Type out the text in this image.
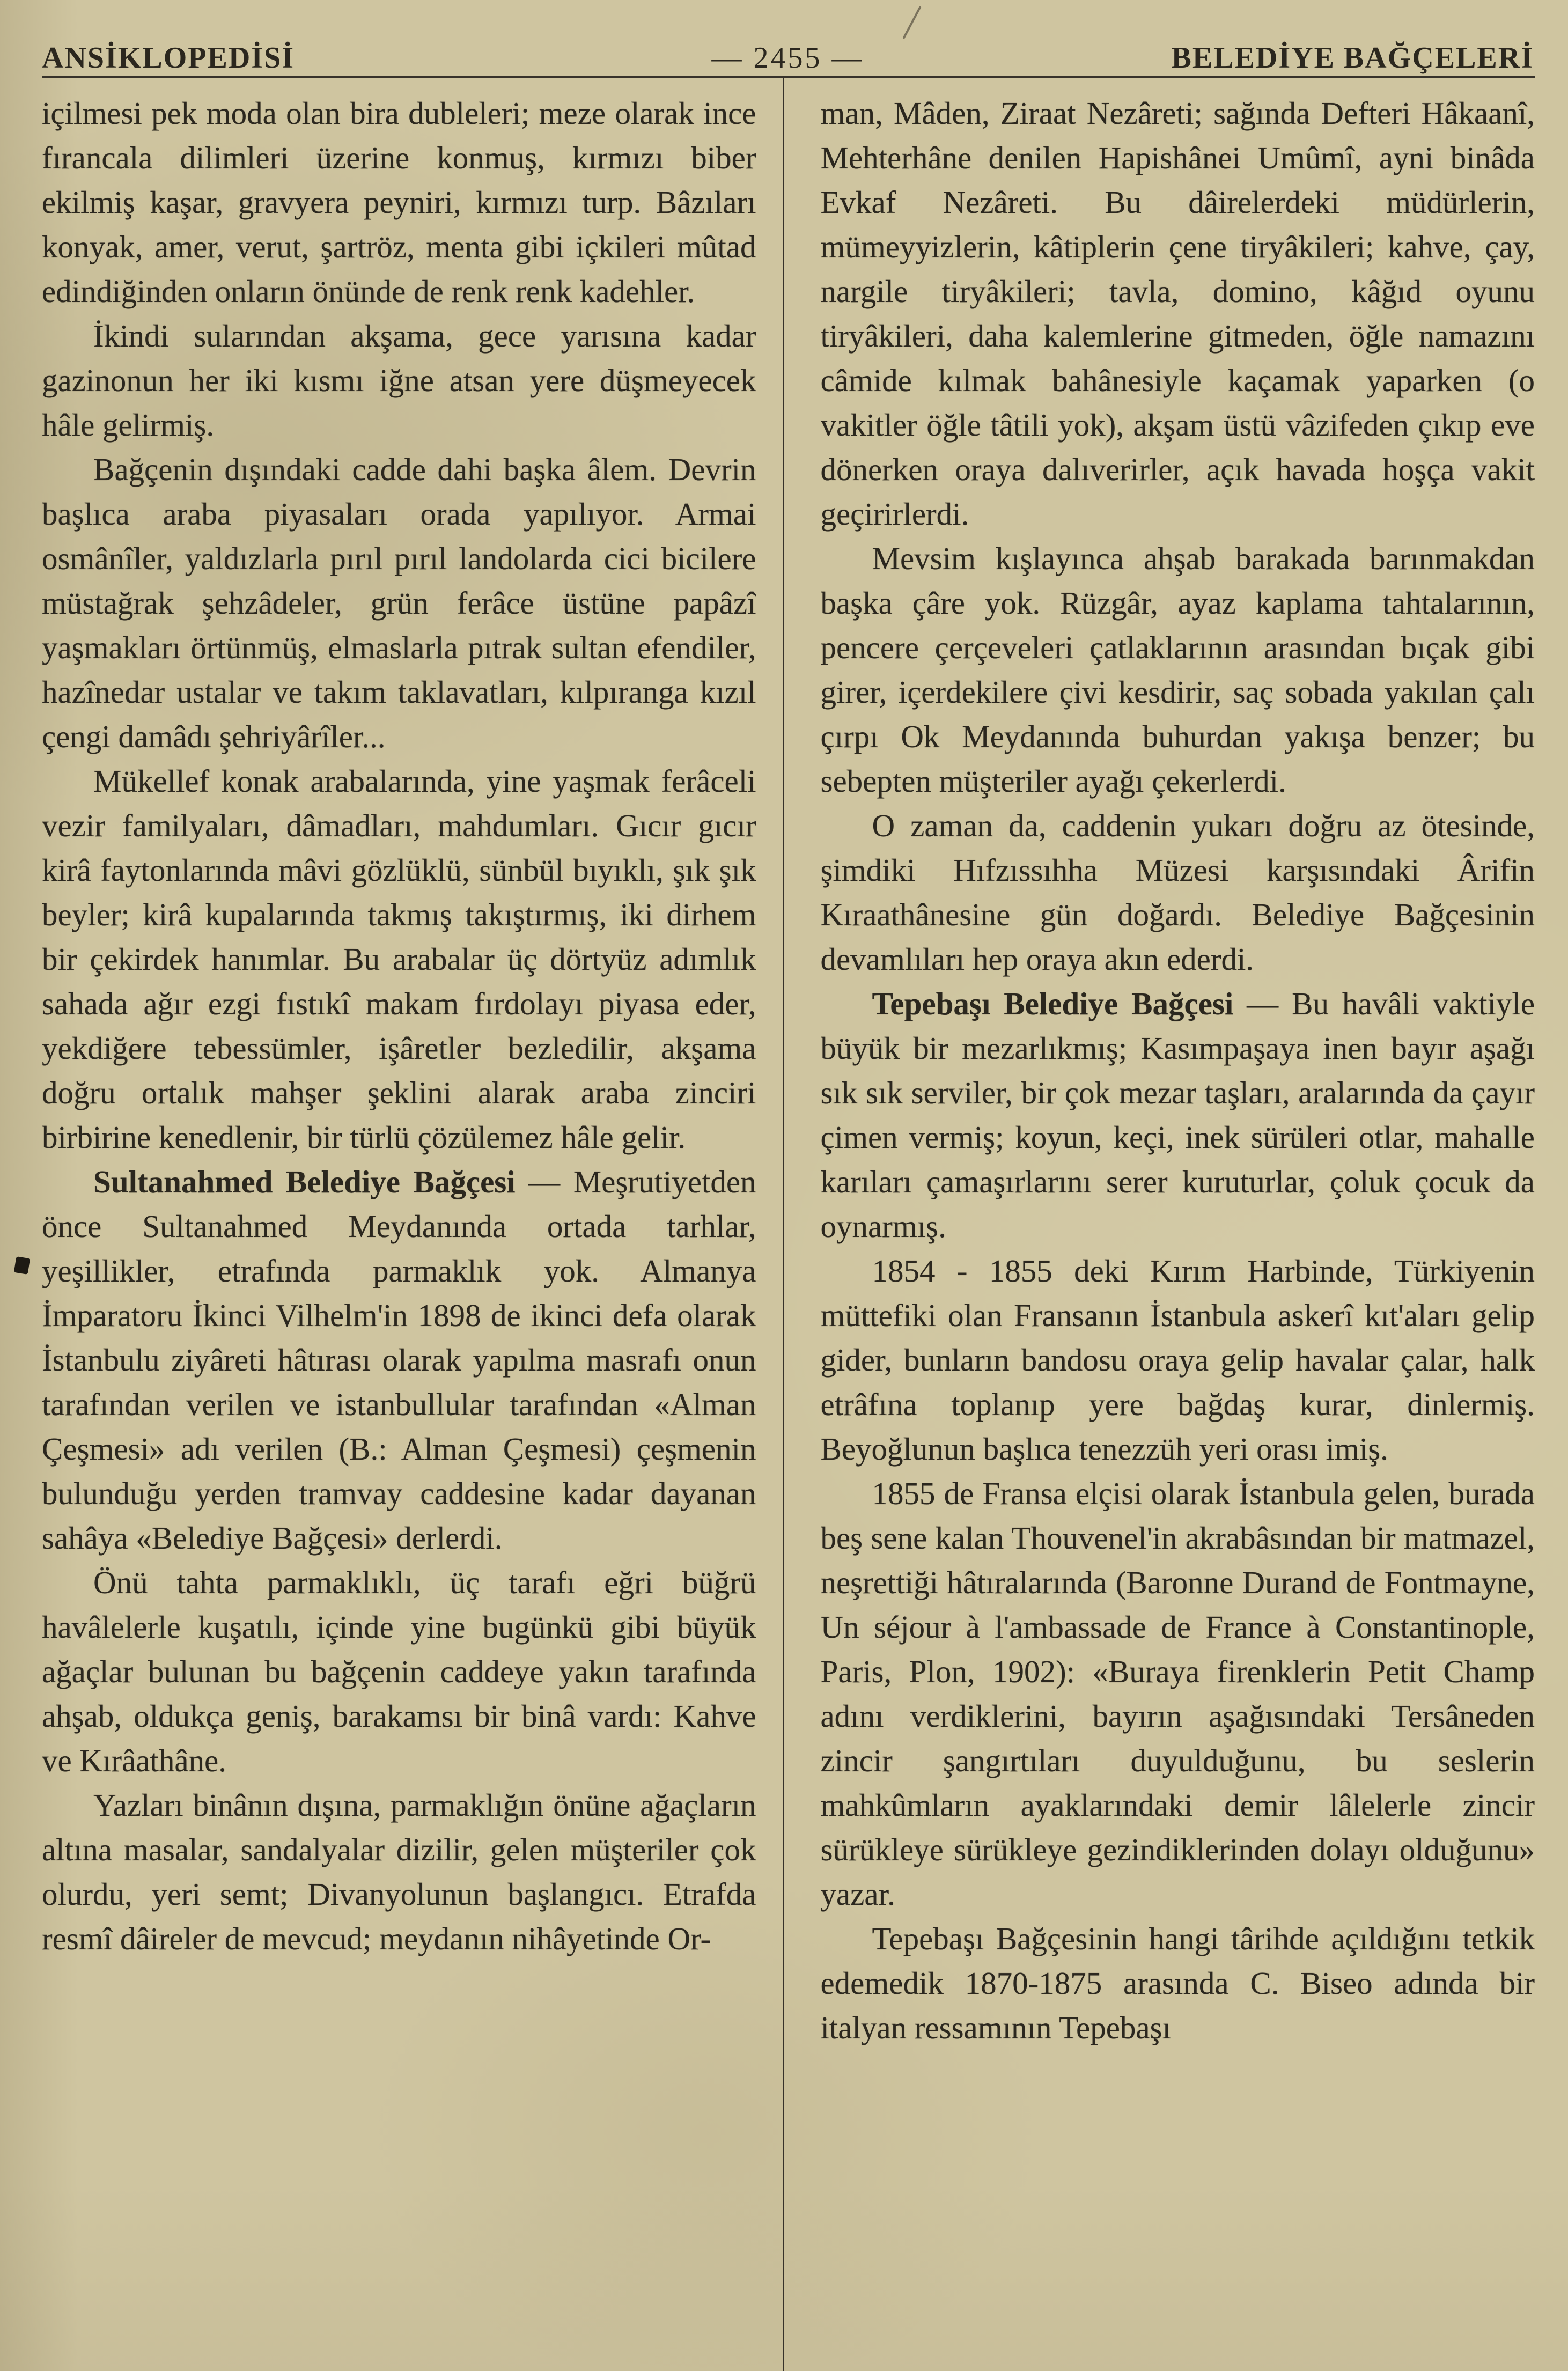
ANSİKLOPEDİSİ	— 2455 —	BELEDİYE BAĞÇELERİ

içilmesi pek moda olan bira dubleleri; meze olarak ince fırancala dilimleri üzerine konmuş, kırmızı biber ekilmiş kaşar, gravyera peyniri, kırmızı turp. Bâzıları konyak, amer, verut, şartröz, menta gibi içkileri mûtad edindiğinden onların önünde de renk renk kadehler.

İkindi sularından akşama, gece yarısına kadar gazinonun her iki kısmı iğne atsan yere düşmeyecek hâle gelirmiş.

Bağçenin dışındaki cadde dahi başka âlem. Devrin başlıca araba piyasaları orada yapılıyor. Armai osmânîler, yaldızlarla pırıl pırıl landolarda cici bicilere müstağrak şehzâdeler, grün ferâce üstüne papâzî yaşmakları örtünmüş, elmaslarla pıtrak sultan efendiler, hazînedar ustalar ve takım taklavatları, kılpıranga kızıl çengi damâdı şehriyârîler...

Mükellef konak arabalarında, yine yaşmak ferâceli vezir familyaları, dâmadları, mahdumları. Gıcır gıcır kirâ faytonlarında mâvi gözlüklü, sünbül bıyıklı, şık şık beyler; kirâ kupalarında takmış takıştırmış, iki dirhem bir çekirdek hanımlar. Bu arabalar üç dörtyüz adımlık sahada ağır ezgi fıstıkî makam fırdolayı piyasa eder, yekdiğere tebessümler, işâretler bezledilir, akşama doğru ortalık mahşer şeklini alarak araba zinciri birbirine kenedlenir, bir türlü çözülemez hâle gelir.

Sultanahmed Belediye Bağçesi — Meşrutiyetden önce Sultanahmed Meydanında ortada tarhlar, yeşillikler, etrafında parmaklık yok. Almanya İmparatoru İkinci Vilhelm'in 1898 de ikinci defa olarak İstanbulu ziyâreti hâtırası olarak yapılma masrafı onun tarafından verilen ve istanbullular tarafından «Alman Çeşmesi» adı verilen (B.: Alman Çeşmesi) çeşmenin bulunduğu yerden tramvay caddesine kadar dayanan sahâya «Belediye Bağçesi» derlerdi.

Önü tahta parmaklıklı, üç tarafı eğri büğrü havâlelerle kuşatılı, içinde yine bugünkü gibi büyük ağaçlar bulunan bu bağçenin caddeye yakın tarafında ahşab, oldukça geniş, barakamsı bir binâ vardı: Kahve ve Kırâathâne.

Yazları binânın dışına, parmaklığın önüne ağaçların altına masalar, sandalyalar dizilir, gelen müşteriler çok olurdu, yeri semt; Divanyolunun başlangıcı. Etrafda resmî dâireler de mevcud; meydanın nihâyetinde Or-

man, Mâden, Ziraat Nezâreti; sağında Defteri Hâkaanî, Mehterhâne denilen Hapishânei Umûmî, ayni binâda Evkaf Nezâreti. Bu dâirelerdeki müdürlerin, mümeyyizlerin, kâtiplerin çene tiryâkileri; kahve, çay, nargile tiryâkileri; tavla, domino, kâğıd oyunu tiryâkileri, daha kalemlerine gitmeden, öğle namazını câmide kılmak bahânesiyle kaçamak yaparken (o vakitler öğle tâtili yok), akşam üstü vâzifeden çıkıp eve dönerken oraya dalıverirler, açık havada hoşça vakit geçirirlerdi.

Mevsim kışlayınca ahşab barakada barınmakdan başka çâre yok. Rüzgâr, ayaz kaplama tahtalarının, pencere çerçeveleri çatlaklarının arasından bıçak gibi girer, içerdekilere çivi kesdirir, saç sobada yakılan çalı çırpı Ok Meydanında buhurdan yakışa benzer; bu sebepten müşteriler ayağı çekerlerdi.

O zaman da, caddenin yukarı doğru az ötesinde, şimdiki Hıfzıssıhha Müzesi karşısındaki Ârifin Kıraathânesine gün doğardı. Belediye Bağçesinin devamlıları hep oraya akın ederdi.

Tepebaşı Belediye Bağçesi — Bu havâli vaktiyle büyük bir mezarlıkmış; Kasımpaşaya inen bayır aşağı sık sık serviler, bir çok mezar taşları, aralarında da çayır çimen vermiş; koyun, keçi, inek sürüleri otlar, mahalle karıları çamaşırlarını serer kuruturlar, çoluk çocuk da oynarmış.

1854 - 1855 deki Kırım Harbinde, Türkiyenin müttefiki olan Fransanın İstanbula askerî kıt'aları gelip gider, bunların bandosu oraya gelip havalar çalar, halk etrâfına toplanıp yere bağdaş kurar, dinlermiş. Beyoğlunun başlıca tenezzüh yeri orası imiş.

1855 de Fransa elçisi olarak İstanbula gelen, burada beş sene kalan Thouvenel'in akrabâsından bir matmazel, neşrettiği hâtıralarında (Baronne Durand de Fontmayne, Un séjour à l'ambassade de France à Constantinople, Paris, Plon, 1902): «Buraya firenklerin Petit Champ adını verdiklerini, bayırın aşağısındaki Tersâneden zincir şangırtıları duyulduğunu, bu seslerin mahkûmların ayaklarındaki demir lâlelerle zincir sürükleye sürükleye gezindiklerinden dolayı olduğunu» yazar.

Tepebaşı Bağçesinin hangi târihde açıldığını tetkik edemedik 1870-1875 arasında C. Biseo adında bir italyan ressamının Tepebaşı
